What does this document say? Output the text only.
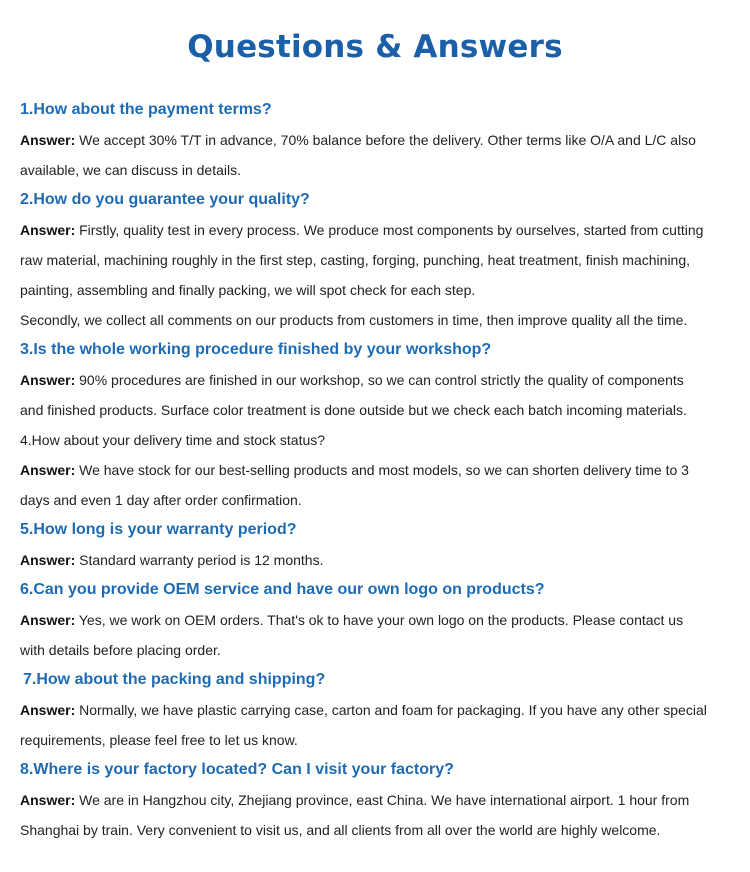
Questions & Answers
1.How about the payment terms?
Answer: We accept 30% T/T in advance, 70% balance before the delivery. Other terms like O/A and L/C also
available, we can discuss in details.
2.How do you guarantee your quality?
Answer: Firstly, quality test in every process. We produce most components by ourselves, started from cutting
raw material, machining roughly in the first step, casting, forging, punching, heat treatment, finish machining,
painting, assembling and finally packing, we will spot check for each step.
Secondly, we collect all comments on our products from customers in time, then improve quality all the time.
3.Is the whole working procedure finished by your workshop?
Answer: 90% procedures are finished in our workshop, so we can control strictly the quality of components
and finished products. Surface color treatment is done outside but we check each batch incoming materials.
4.How about your delivery time and stock status?
Answer: We have stock for our best-selling products and most models, so we can shorten delivery time to 3
days and even 1 day after order confirmation.
5.How long is your warranty period?
Answer: Standard warranty period is 12 months.
6.Can you provide OEM service and have our own logo on products?
Answer: Yes, we work on OEM orders. That's ok to have your own logo on the products. Please contact us
with details before placing order.
7.How about the packing and shipping?
Answer: Normally, we have plastic carrying case, carton and foam for packaging. If you have any other special
requirements, please feel free to let us know.
8.Where is your factory located? Can I visit your factory?
Answer: We are in Hangzhou city, Zhejiang province, east China. We have international airport. 1 hour from
Shanghai by train. Very convenient to visit us, and all clients from all over the world are highly welcome.
